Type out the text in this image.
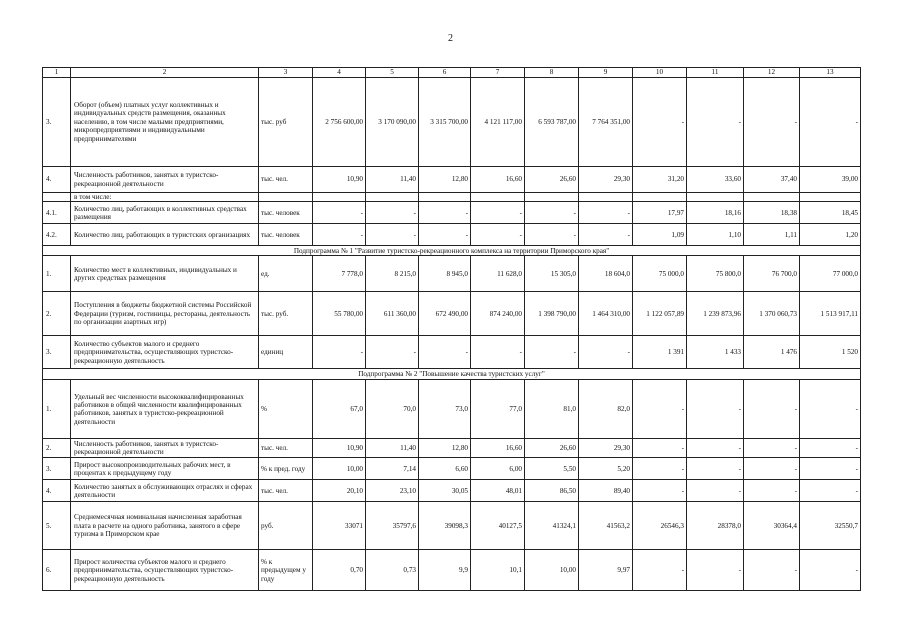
2
1	2	3	4	5	6	7	8	9	10	11	12	13
3.	Оборот (объем) платных услуг коллективных и индивидуальных средств размещения, оказанных населению, в том числе малыми предприятиями, микропредприятиями и индивидуальными предпринимателями	тыс. руб	2 756 600,00	3 170 090,00	3 315 700,00	4 121 117,00	6 593 787,00	7 764 351,00	-	-	-	-
4.	Численность работников, занятых в туристско-рекреационной деятельности	тыс. чел.	10,90	11,40	12,80	16,60	26,60	29,30	31,20	33,60	37,40	39,00
	в том числе:											
4.1.	Количество лиц, работающих в коллективных средствах размещения	тыс. человек	-	-	-	-	-	-	17,97	18,16	18,38	18,45
4.2.	Количество лиц, работающих в туристских организациях	тыс. человек	-	-	-	-	-	-	1,09	1,10	1,11	1,20
Подпрограмма № 1 "Развитие туристско-рекреационного комплекса на территории Приморского края"												
1.	Количество мест в коллективных, индивидуальных и других средствах размещения	ед.	7 778,0	8 215,0	8 945,0	11 628,0	15 305,0	18 604,0	75 000,0	75 800,0	76 700,0	77 000,0
2.	Поступления в бюджеты бюджетной системы Российской Федерации (туризм, гостиницы, рестораны, деятельность по организации азартных игр)	тыс. руб.	55 780,00	611 360,00	672 490,00	874 240,00	1 398 790,00	1 464 310,00	1 122 057,89	1 239 873,96	1 370 060,73	1 513 917,11
3.	Количество субъектов малого и среднего предпринимательства, осуществляющих туристско-рекреационную деятельность	единиц	-	-	-	-	-	-	1 391	1 433	1 476	1 520
Подпрограмма № 2 "Повышение качества туристских услуг"												
1.	Удельный вес численности высококвалифицированных работников в общей численности квалифицированных работников, занятых в туристско-рекреационной деятельности	%	67,0	70,0	73,0	77,0	81,0	82,0	-	-	-	-
2.	Численность работников, занятых в туристско-рекреационной деятельности	тыс. чел.	10,90	11,40	12,80	16,60	26,60	29,30	-	-	-	-
3.	Прирост высокопроизводительных рабочих мест, в процентах к предыдущему году	% к пред. году	10,00	7,14	6,60	6,00	5,50	5,20	-	-	-	-
4.	Количество занятых в обслуживающих отраслях и сферах деятельности	тыс. чел.	20,10	23,10	30,05	48,01	86,50	89,40	-	-	-	-
5.	Среднемесячная номинальная начисленная заработная плата в расчете на одного работника, занятого в сфере туризма в Приморском крае	руб.	33071	35797,6	39098,3	40127,5	41324,1	41563,2	26546,3	28378,0	30364,4	32550,7
6.	Прирост количества субъектов малого и среднего предпринимательства, осуществляющих туристско-рекреационную деятельность	% к предыдущем у году	0,70	0,73	9,9	10,1	10,00	9,97	-	-	-	-
